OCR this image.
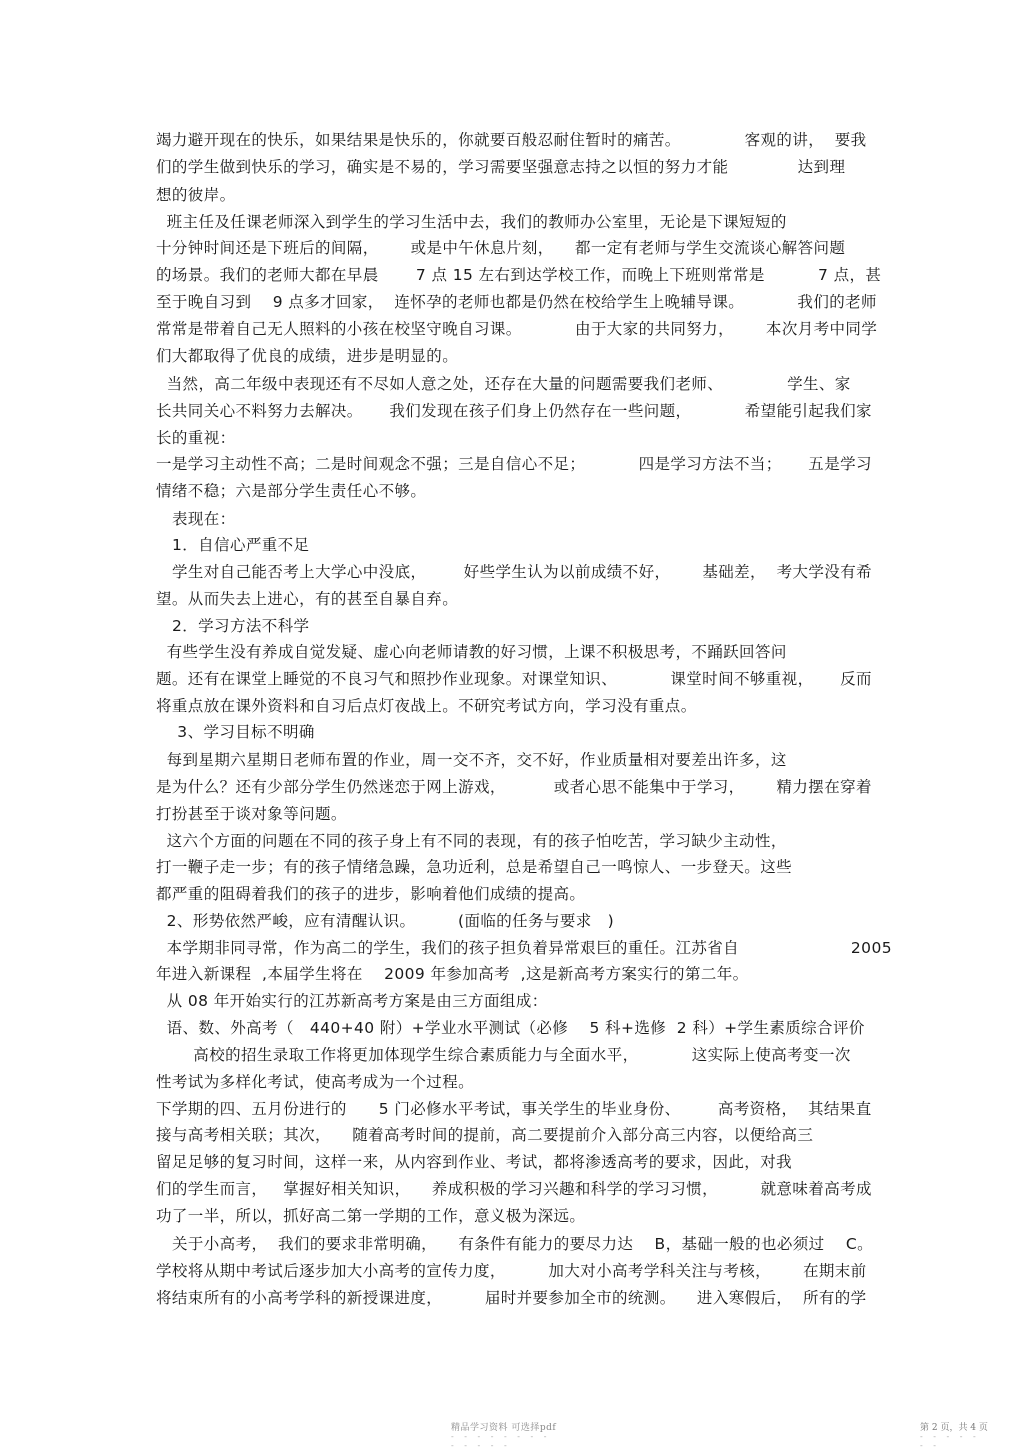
竭力避开现在的快乐，如果结果是快乐的，你就要百般忍耐住暂时的痛苦。            客观的讲，  要我
们的学生做到快乐的学习，确实是不易的，学习需要坚强意志持之以恒的努力才能             达到理
想的彼岸。
班主任及任课老师深入到学生的学习生活中去，我们的教师办公室里，无论是下课短短的
十分钟时间还是下班后的间隔，      或是中午休息片刻，    都一定有老师与学生交流谈心解答问题
的场景。我们的老师大都在早晨       7 点 15 左右到达学校工作，而晚上下班则常常是          7 点，甚
至于晚自习到    9 点多才回家，  连怀孕的老师也都是仍然在校给学生上晚辅导课。          我们的老师
常常是带着自己无人照料的小孩在校坚守晚自习课。          由于大家的共同努力，      本次月考中同学
们大都取得了优良的成绩，进步是明显的。
当然，高二年级中表现还有不尽如人意之处，还存在大量的问题需要我们老师、            学生、家
长共同关心不料努力去解决。     我们发现在孩子们身上仍然存在一些问题，          希望能引起我们家
长的重视：
一是学习主动性不高；二是时间观念不强；三是自信心不足；          四是学习方法不当；     五是学习
情绪不稳；六是部分学生责任心不够。
表现在：
1．自信心严重不足
学生对自己能否考上大学心中没底，       好些学生认为以前成绩不好，      基础差，  考大学没有希
望。从而失去上进心，有的甚至自暴自弃。
2．学习方法不科学
有些学生没有养成自觉发疑、虚心向老师请教的好习惯，上课不积极思考，不踊跃回答问
题。还有在课堂上睡觉的不良习气和照抄作业现象。对课堂知识、          课堂时间不够重视，     反而
将重点放在课外资料和自习后点灯夜战上。不研究考试方向，学习没有重点。
3、学习目标不明确
每到星期六星期日老师布置的作业，周一交不齐，交不好，作业质量相对要差出许多，这
是为什么？还有少部分学生仍然迷恋于网上游戏，         或者心思不能集中于学习，      精力摆在穿着
打扮甚至于谈对象等问题。
这六个方面的问题在不同的孩子身上有不同的表现，有的孩子怕吃苦，学习缺少主动性，
打一鞭子走一步；有的孩子情绪急躁，急功近利，总是希望自己一鸣惊人、一步登天。这些
都严重的阻碍着我们的孩子的进步，影响着他们成绩的提高。
2、形势依然严峻，应有清醒认识。        (面临的任务与要求   )
本学期非同寻常，作为高二的学生，我们的孩子担负着异常艰巨的重任。江苏省自                     2005
年进入新课程  ,本届学生将在    2009 年参加高考  ,这是新高考方案实行的第二年。
从 08 年开始实行的江苏新高考方案是由三方面组成：
语、数、外高考（   440+40 附）+学业水平测试（必修    5 科+选修  2 科）+学生素质综合评价
高校的招生录取工作将更加体现学生综合素质能力与全面水平，          这实际上使高考变一次
性考试为多样化考试，使高考成为一个过程。
下学期的四、五月份进行的      5 门必修水平考试，事关学生的毕业身份、       高考资格，  其结果直
接与高考相关联；其次，    随着高考时间的提前，高二要提前介入部分高三内容，以便给高三
留足足够的复习时间，这样一来，从内容到作业、考试，都将渗透高考的要求，因此，对我
们的学生而言，   掌握好相关知识，    养成积极的学习兴趣和科学的学习习惯，        就意味着高考成
功了一半，所以，抓好高二第一学期的工作，意义极为深远。
关于小高考，  我们的要求非常明确，    有条件有能力的要尽力达    B，基础一般的也必须过    C。
学校将从期中考试后逐步加大小高考的宣传力度，        加大对小高考学科关注与考核，      在期末前
将结束所有的小高考学科的新授课进度，        届时并要参加全市的统测。    进入寒假后，  所有的学
精品学习资料 可选择pdf
- - - - - - - - - - - - -
第 2 页，共 4 页
- - - - - - -
